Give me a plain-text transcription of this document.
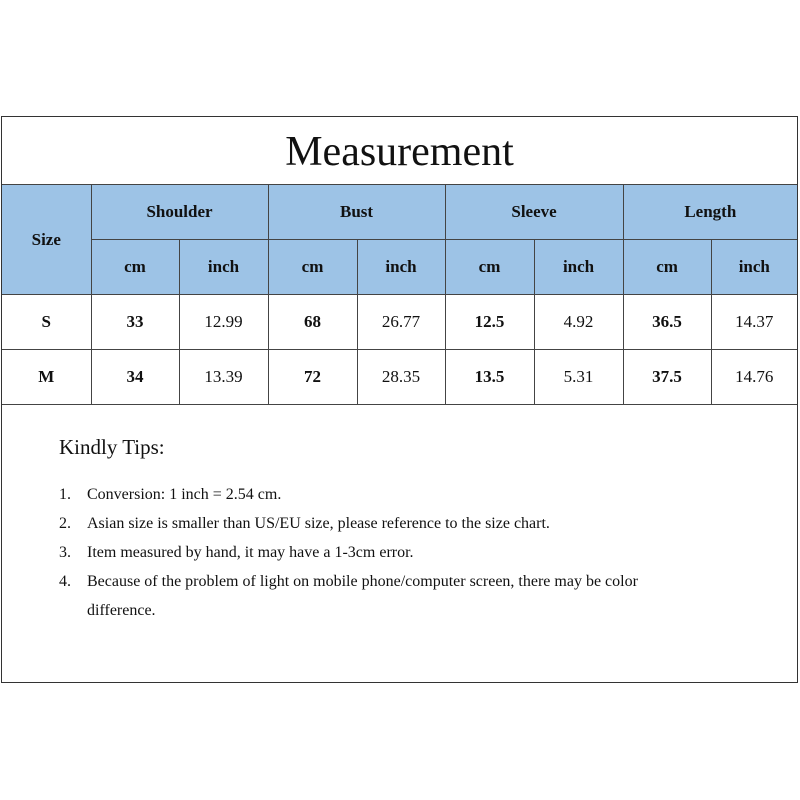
Measurement
Size	Shoulder		Bust		Sleeve		Length	
	cm	inch	cm	inch	cm	inch	cm	inch
S	33	12.99	68	26.77	12.5	4.92	36.5	14.37
M	34	13.39	72	28.35	13.5	5.31	37.5	14.76
Kindly Tips:
1.	Conversion: 1 inch = 2.54 cm.
2.	Asian size is smaller than US/EU size, please reference to the size chart.
3.	Item measured by hand, it may have a 1-3cm error.
4.	Because of the problem of light on mobile phone/computer screen, there may be color difference.
